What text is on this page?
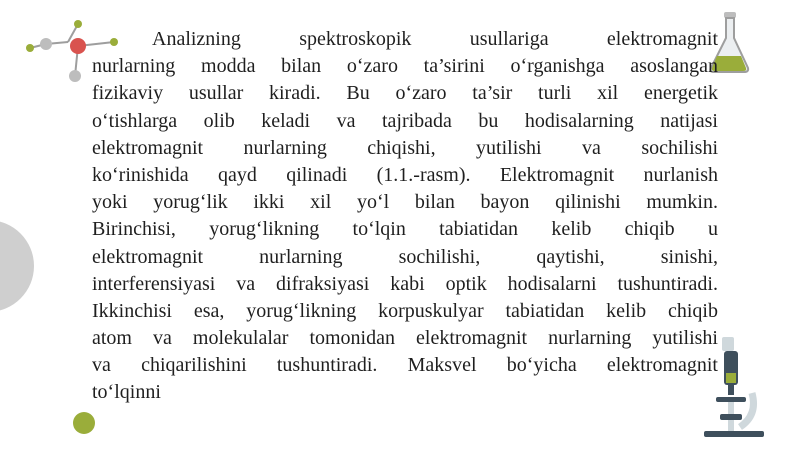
Analizning spektroskopik usullariga elektromagnit
nurlarning modda bilan o‘zaro ta’sirini o‘rganishga asoslangan
fizikaviy usullar kiradi. Bu o‘zaro ta’sir turli xil energetik
o‘tishlarga olib keladi va tajribada bu hodisalarning natijasi
elektromagnit nurlarning chiqishi, yutilishi va sochilishi
ko‘rinishida qayd qilinadi (1.1.-rasm). Elektromagnit nurlanish
yoki yorug‘lik ikki xil yo‘l bilan bayon qilinishi mumkin.
Birinchisi, yorug‘likning to‘lqin tabiatidan kelib chiqib u
elektromagnit nurlarning sochilishi, qaytishi, sinishi,
interferensiyasi va difraksiyasi kabi optik hodisalarni tushuntiradi.
Ikkinchisi esa, yorug‘likning korpuskulyar tabiatidan kelib chiqib
atom va molekulalar tomonidan elektromagnit nurlarning yutilishi
va chiqarilishini tushuntiradi. Maksvel bo‘yicha elektromagnit
to‘lqinni
